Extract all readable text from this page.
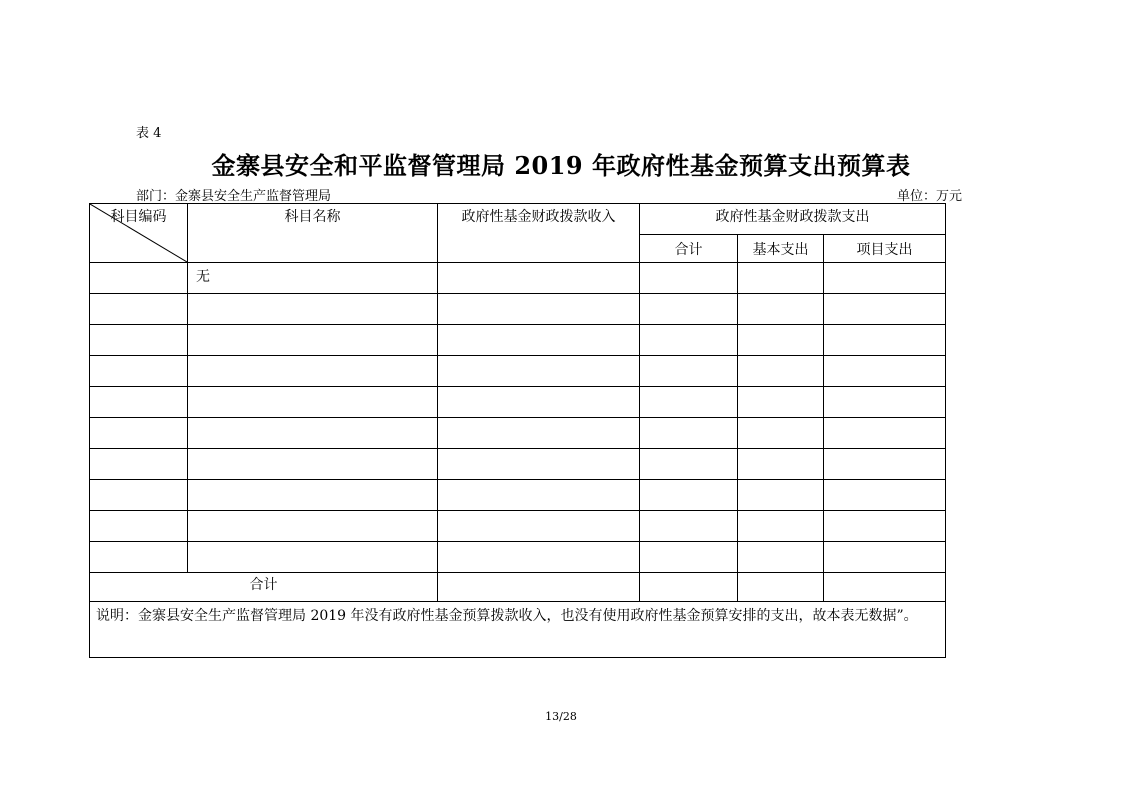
表 4
金寨县安全和平监督管理局 2019 年政府性基金预算支出预算表
部门：金寨县安全生产监督管理局	单位：万元
科目编码	科目名称	政府性基金财政拨款收入	政府性基金财政拨款支出		
			合计	基本支出	项目支出
	无				

合计					
说明：金寨县安全生产监督管理局 2019 年没有政府性基金预算拨款收入，也没有使用政府性基金预算安排的支出，故本表无数据”。					
13/28
